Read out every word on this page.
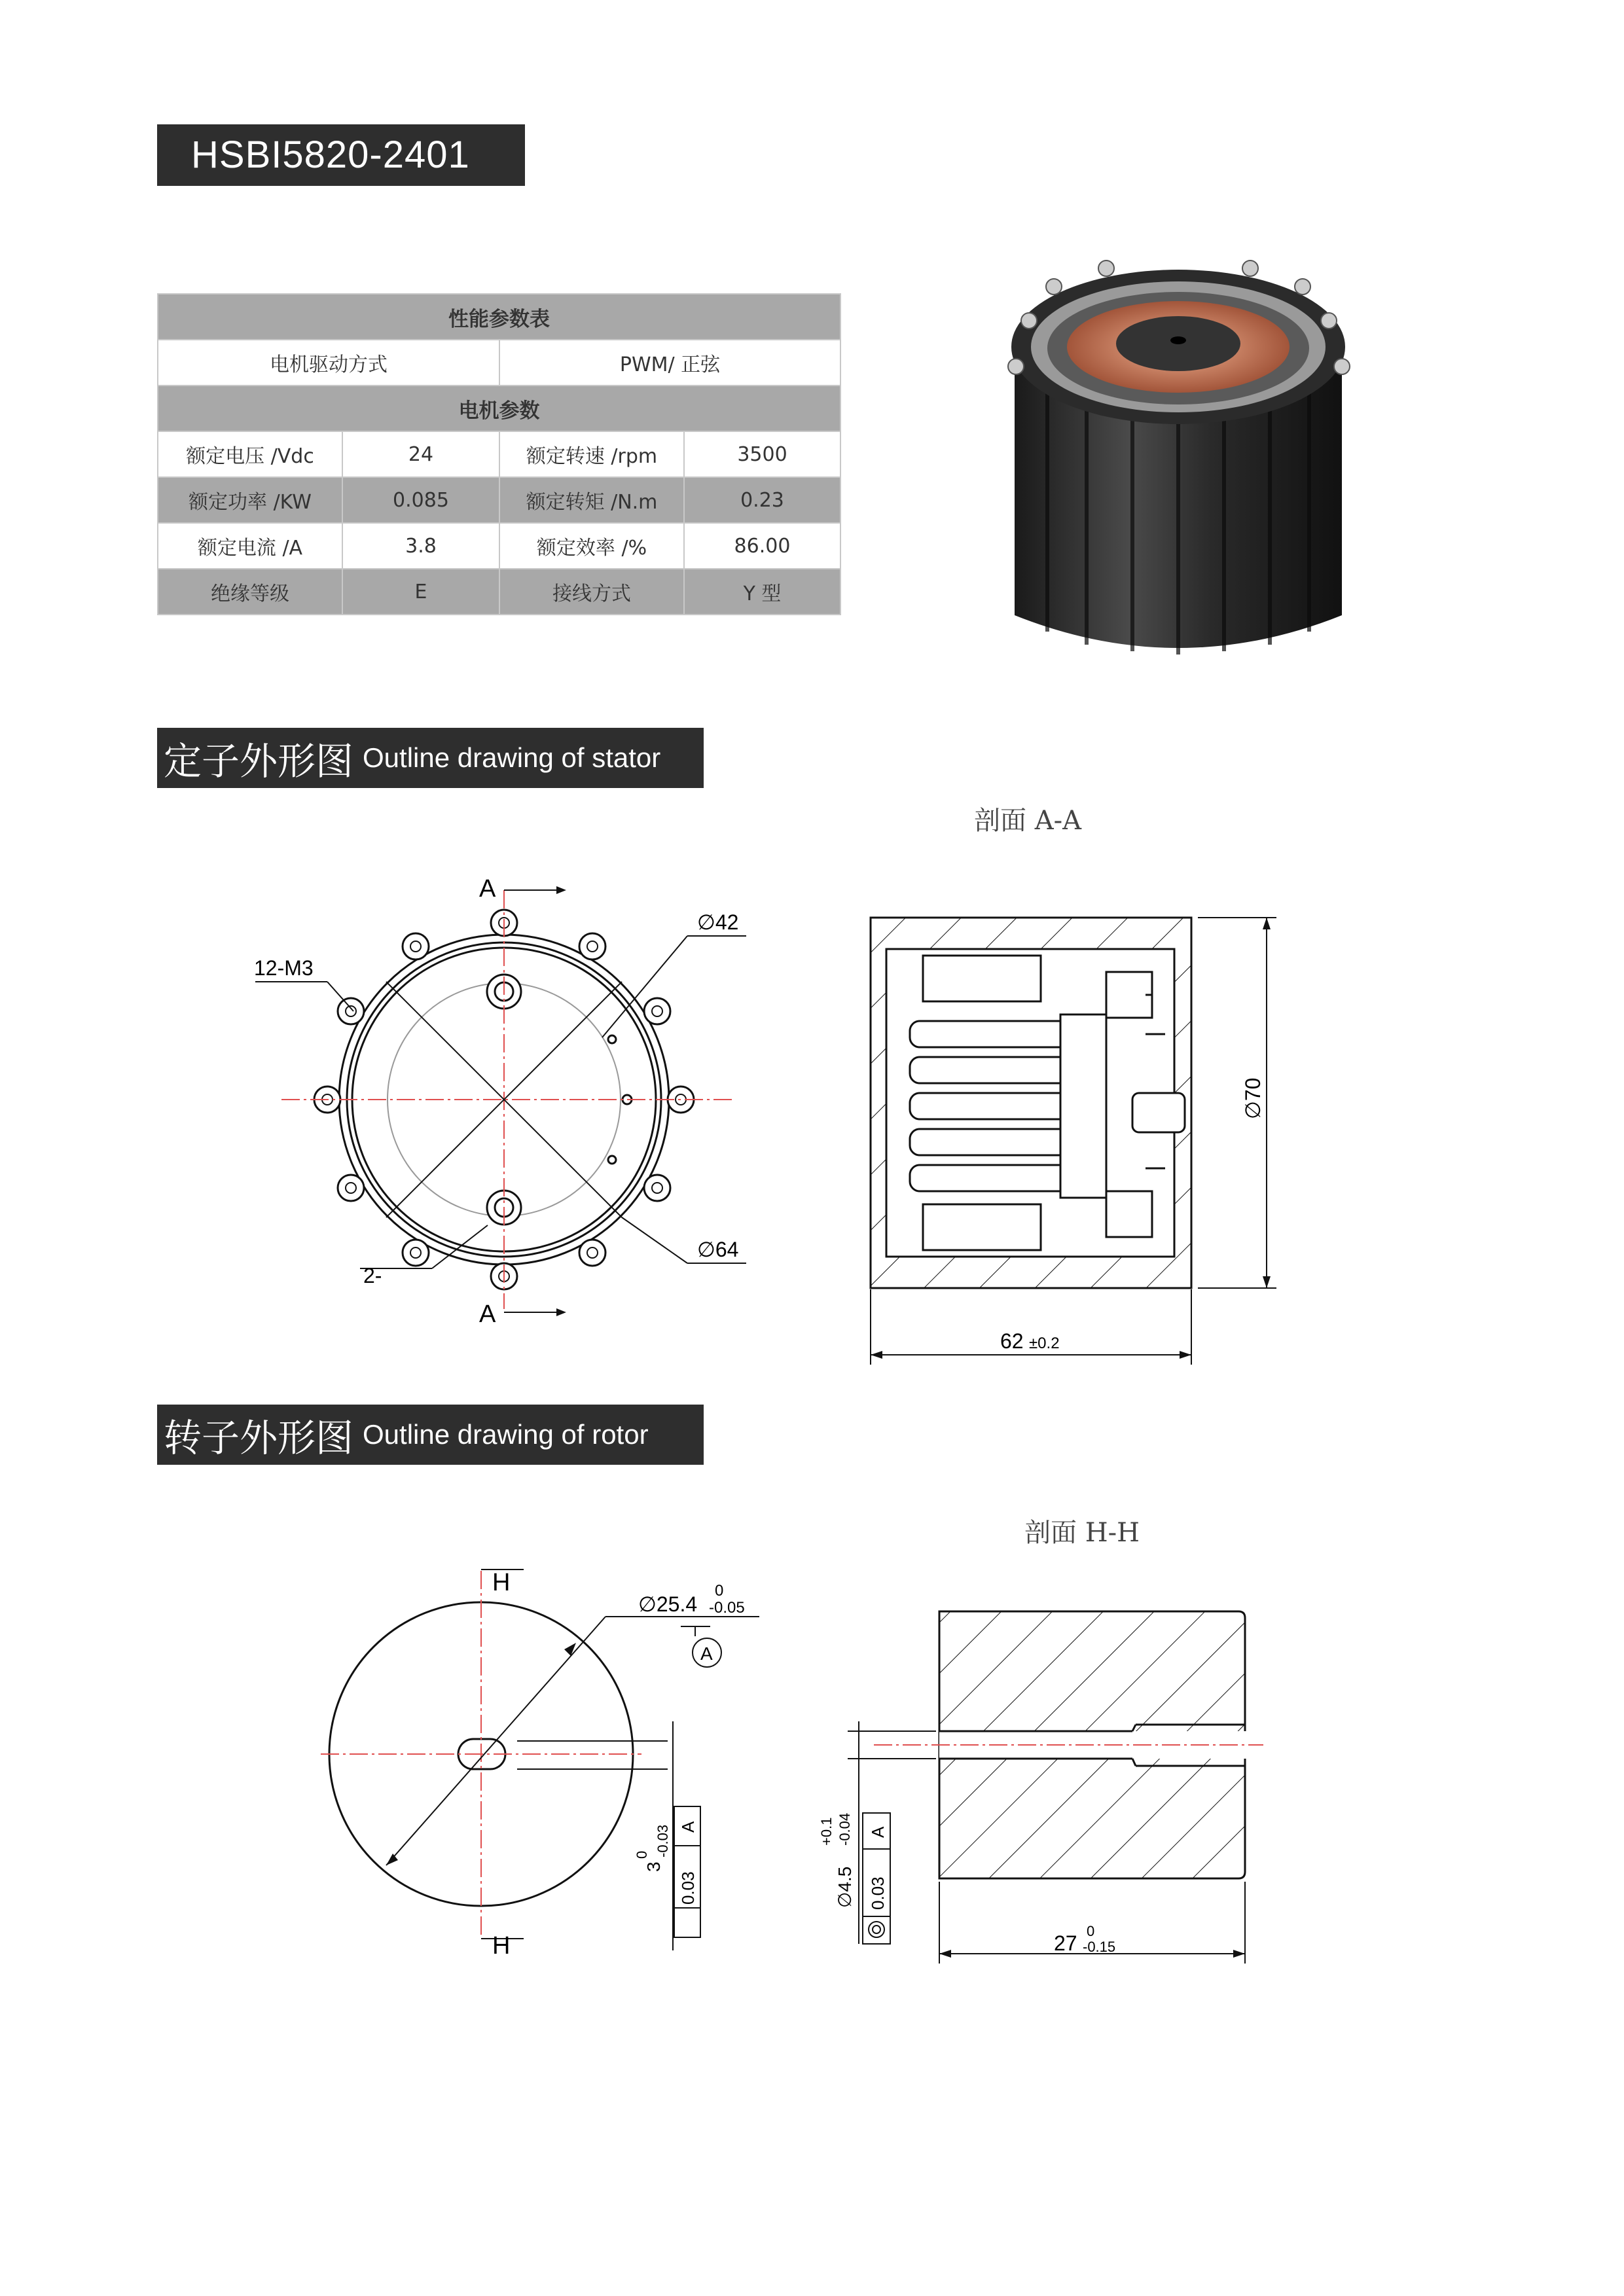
HSBI5820-2401
性能参数表			
电机驱动方式		PWM/ 正弦	
电机参数			
额定电压 /Vdc	24	额定转速 /rpm	3500
额定功率 /KW	0.085	额定转矩 /N.m	0.23
额定电流 /A	3.8	额定效率 /%	86.00
绝缘等级	E	接线方式	Y 型
定子外形图 Outline drawing of stator
剖面 A-A
A
A
∅42
∅64
12-M3
2-
62 ±0.2
∅70
转子外形图 Outline drawing of rotor
剖面 H-H
H
H
∅25.4
0
-0.05
A
3
0 -0.03 A
0.03	∅4.5
+0.1 -0.04 A
0.03
27
0
-0.15
